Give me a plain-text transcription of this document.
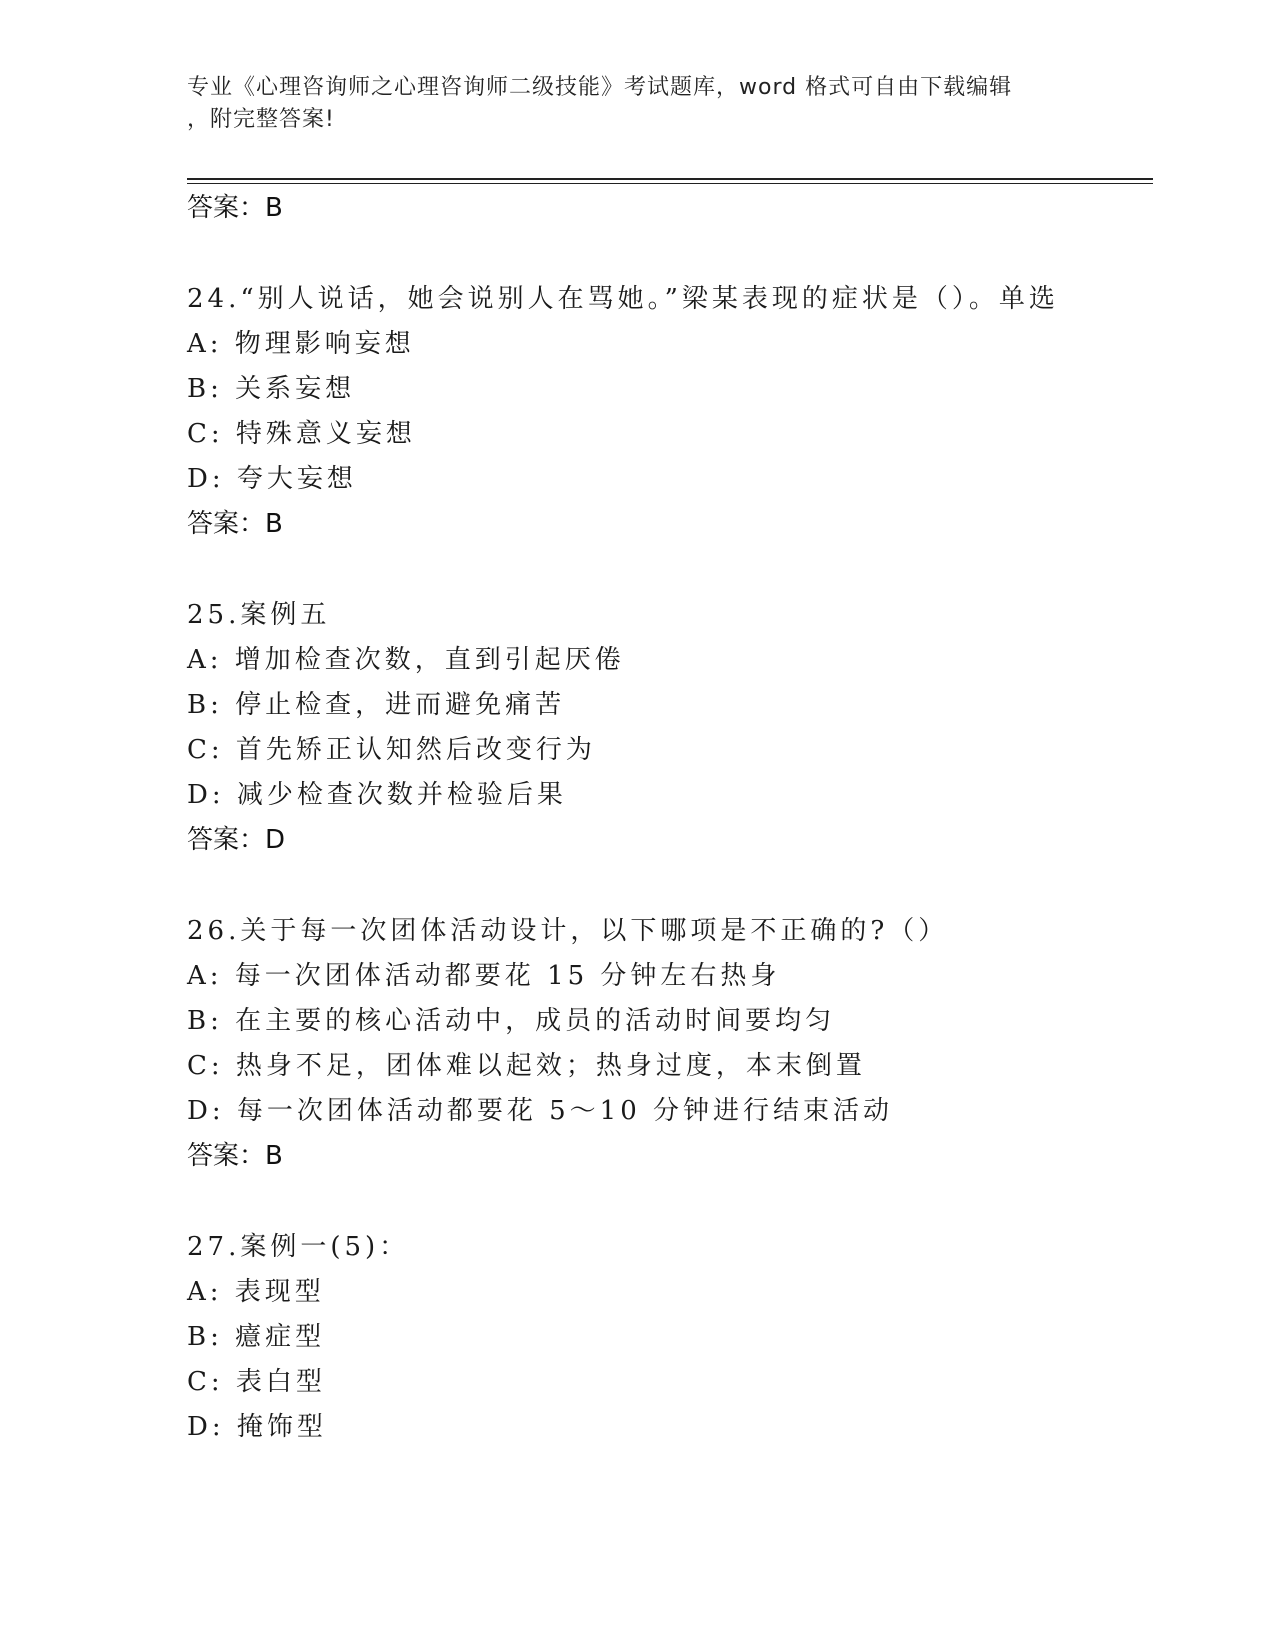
专业《心理咨询师之心理咨询师二级技能》考试题库，word 格式可自由下载编辑
，附完整答案!
答案：B
24.“别人说话，她会说别人在骂她。”梁某表现的症状是（）。单选
A: 物理影响妄想
B: 关系妄想
C: 特殊意义妄想
D: 夸大妄想
答案：B
25.案例五
A: 增加检查次数，直到引起厌倦
B: 停止检查，进而避免痛苦
C: 首先矫正认知然后改变行为
D: 减少检查次数并检验后果
答案：D
26.关于每一次团体活动设计，以下哪项是不正确的?（）
A: 每一次团体活动都要花 15 分钟左右热身
B: 在主要的核心活动中，成员的活动时间要均匀
C: 热身不足，团体难以起效；热身过度，本末倒置
D: 每一次团体活动都要花 5～10 分钟进行结束活动
答案：B
27.案例一(5)：
A: 表现型
B: 癔症型
C: 表白型
D: 掩饰型
